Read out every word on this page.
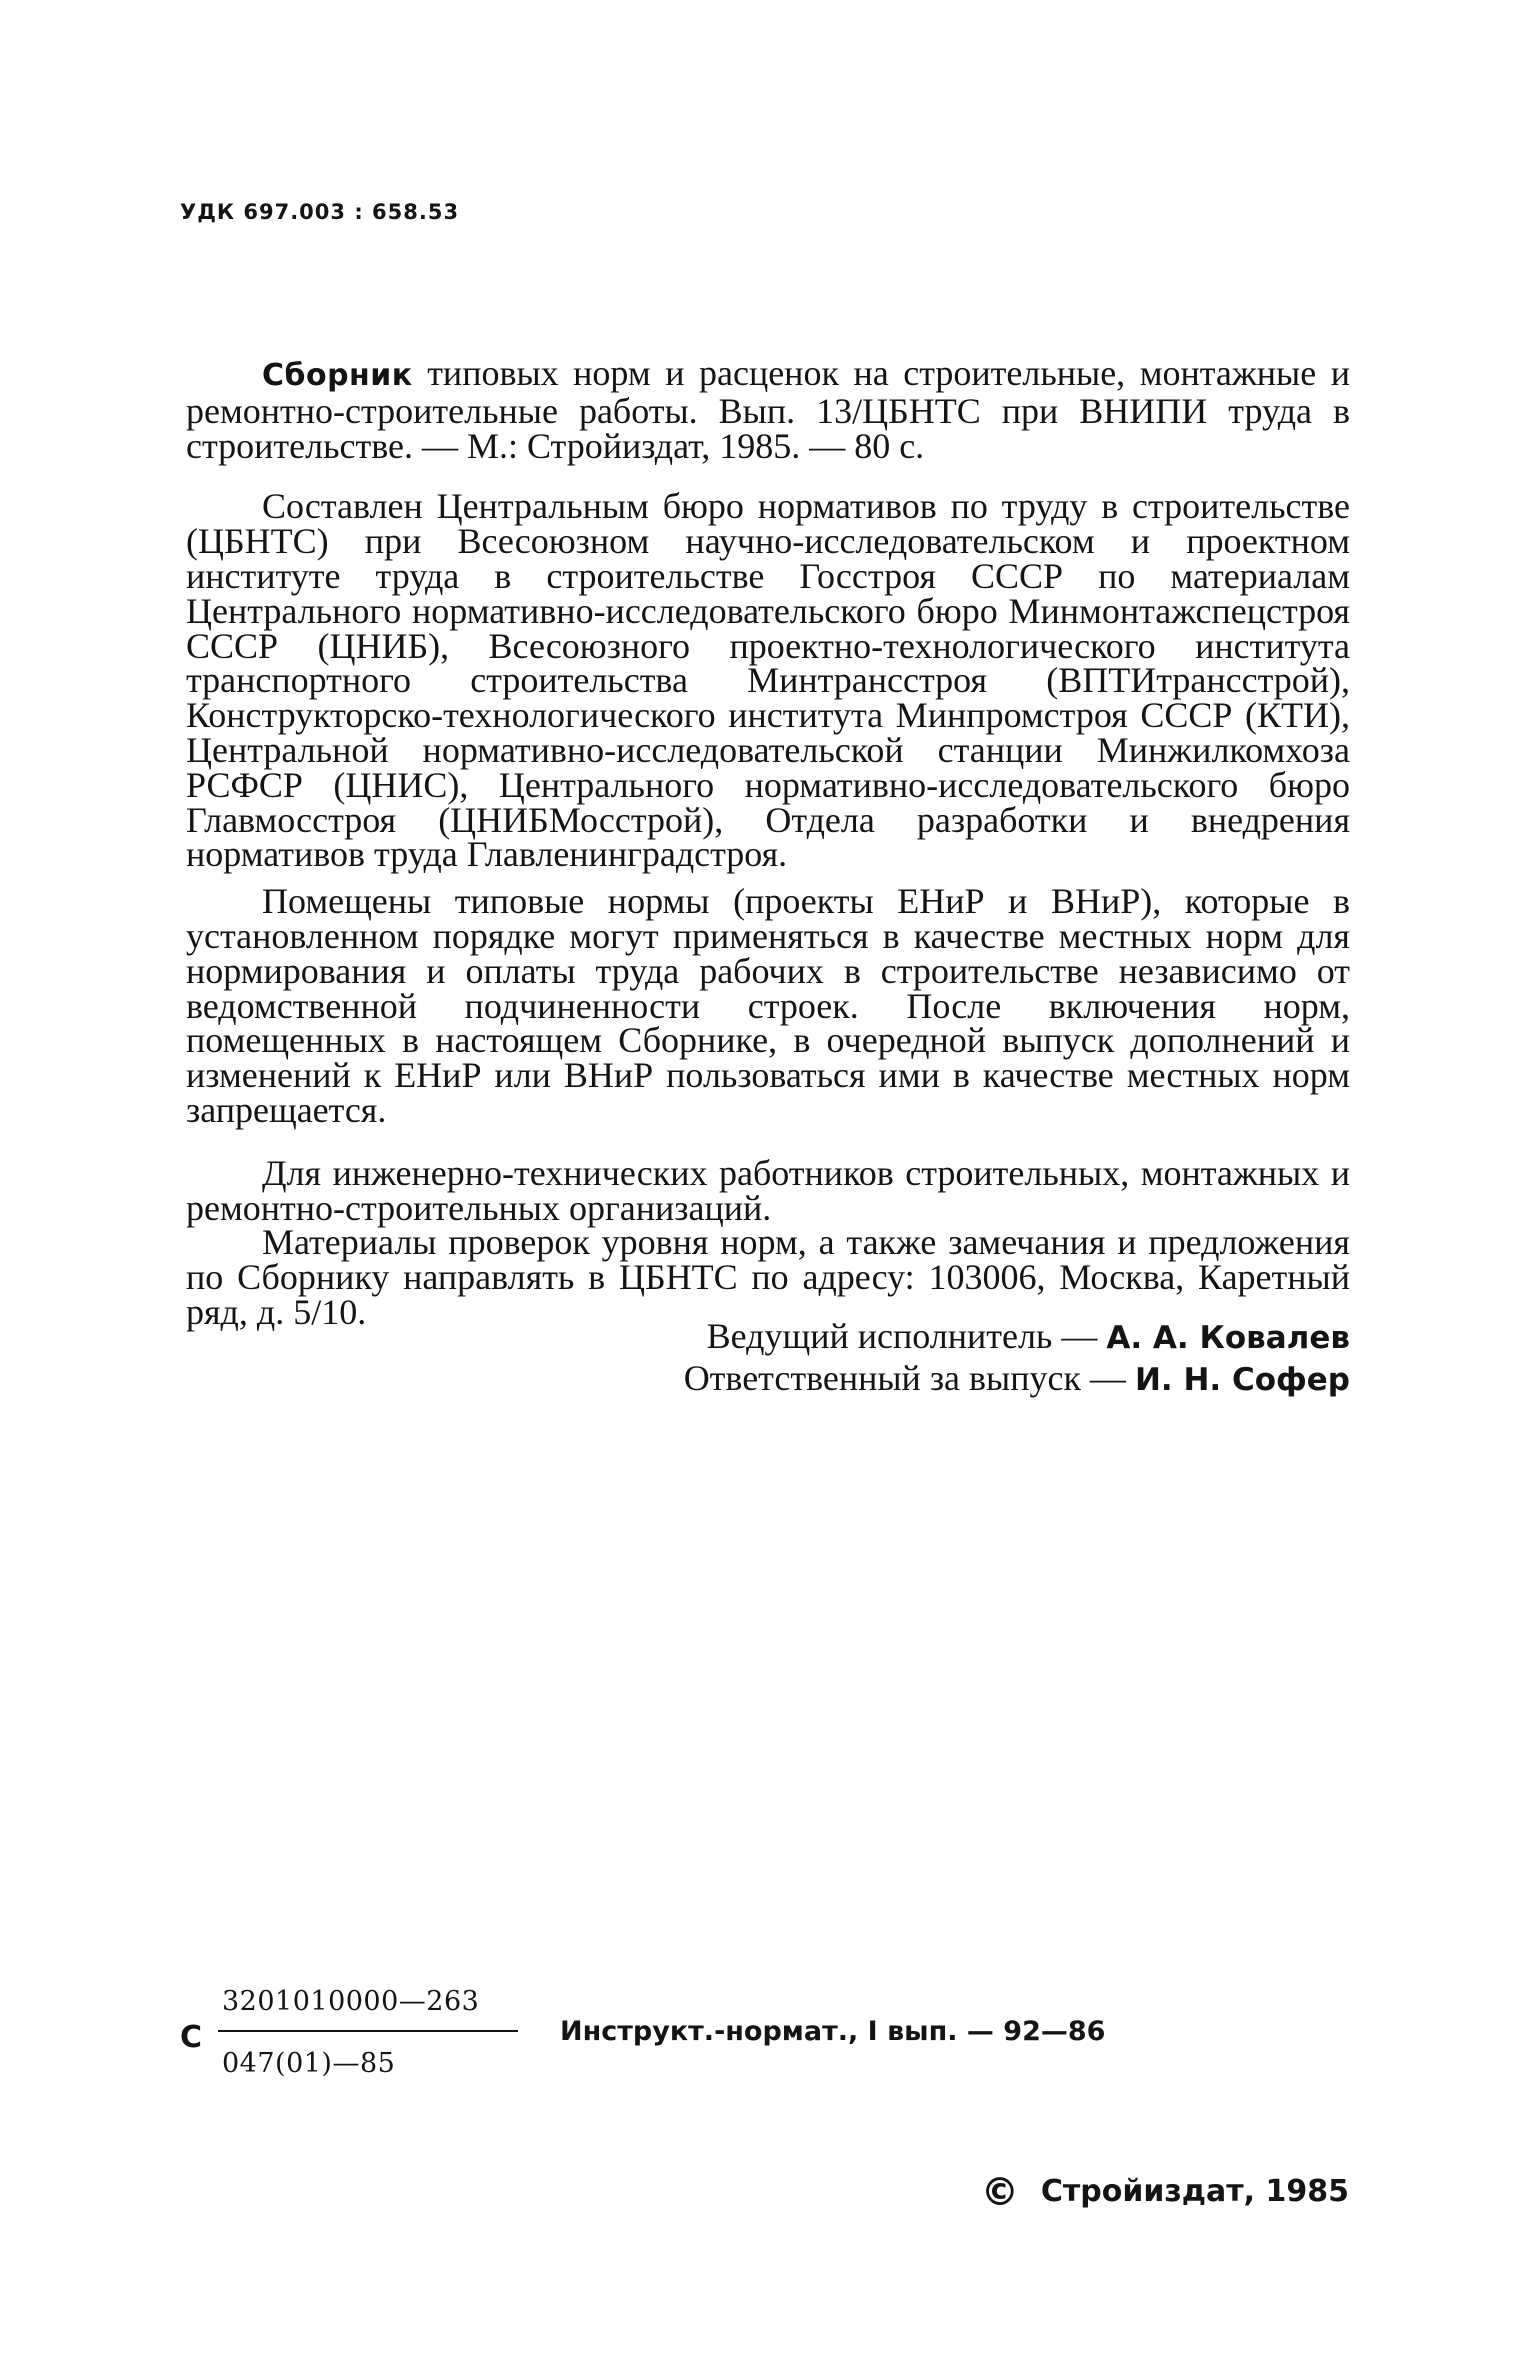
УДК 697.003 : 658.53

Сборник типовых норм и расценок на строительные, монтажные и ремонтно-строительные работы. Вып. 13/ЦБНТС при ВНИПИ труда в строительстве. — М.: Стройиздат, 1985. — 80 с.

Составлен Центральным бюро нормативов по труду в строительстве (ЦБНТС) при Всесоюзном научно-исследовательском и проектном институте труда в строительстве Госстроя СССР по материалам Центрального нормативно-исследовательского бюро Минмонтажспецстроя СССР (ЦНИБ), Всесоюзного проектно-технологического института транспортного строительства Минтрансстроя (ВПТИтрансстрой), Конструкторско-технологического института Минпромстроя СССР (КТИ), Центральной нормативно-исследовательской станции Минжилкомхоза РСФСР (ЦНИС), Центрального нормативно-исследовательского бюро Главмосстроя (ЦНИБМосстрой), Отдела разработки и внедрения нормативов труда Главленинградстроя.

Помещены типовые нормы (проекты ЕНиР и ВНиР), которые в установленном порядке могут применяться в качестве местных норм для нормирования и оплаты труда рабочих в строительстве независимо от ведомственной подчиненности строек. После включения норм, помещенных в настоящем Сборнике, в очередной выпуск дополнений и изменений к ЕНиР или ВНиР пользоваться ими в качестве местных норм запрещается.

Для инженерно-технических работников строительных, монтажных и ремонтно-строительных организаций.

Материалы проверок уровня норм, а также замечания и предложения по Сборнику направлять в ЦБНТС по адресу: 103006, Москва, Каретный ряд, д. 5/10.

Ведущий исполнитель — А. А. Ковалев
Ответственный за выпуск — И. Н. Софер
С
3201010000—263
047(01)—85
Инструкт.-нормат., I вып. — 92—86
© Стройиздат, 1985
